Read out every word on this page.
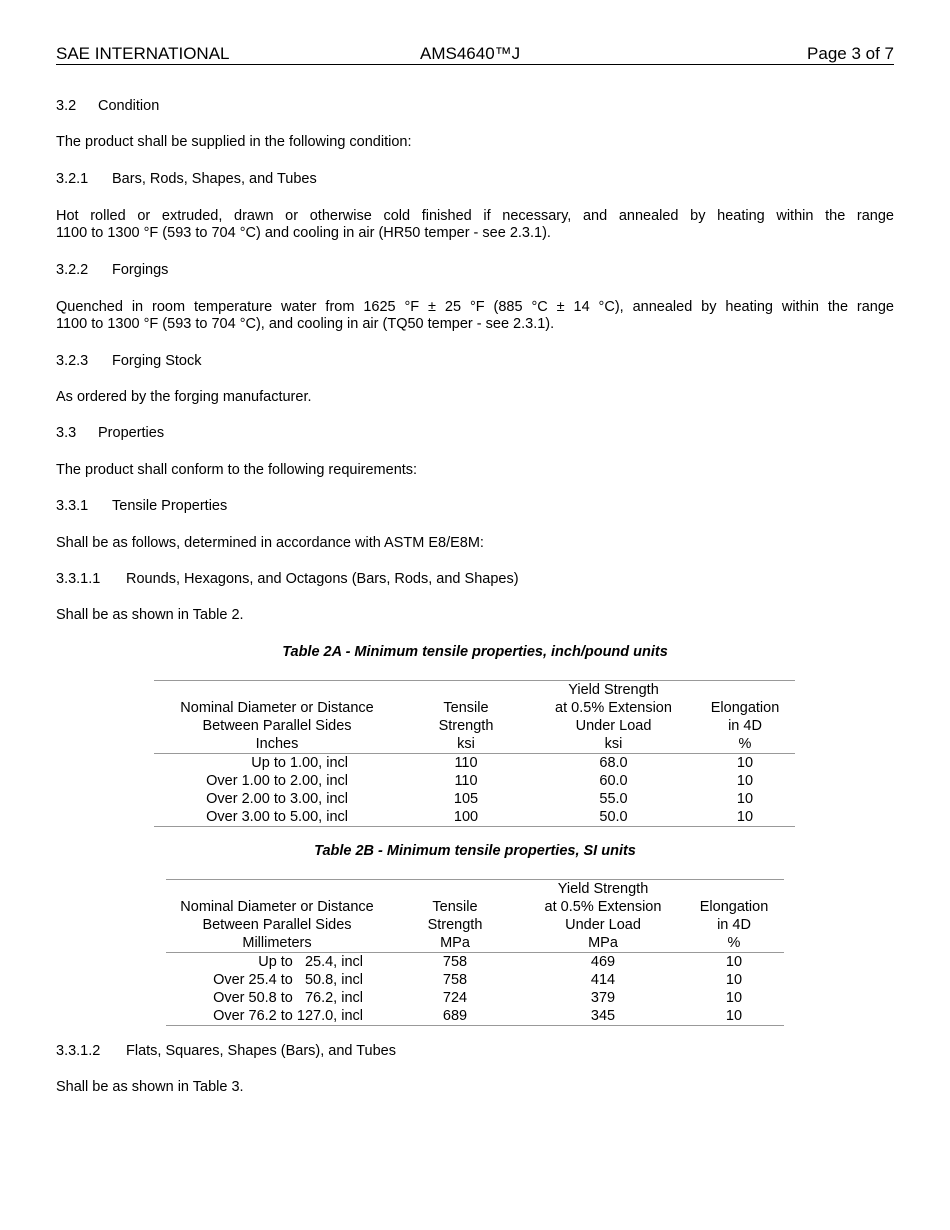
SAE INTERNATIONAL	AMS4640™J	Page 3 of 7
3.2 Condition
The product shall be supplied in the following condition:
3.2.1 Bars, Rods, Shapes, and Tubes
Hot rolled or extruded, drawn or otherwise cold finished if necessary, and annealed by heating within the range
1100 to 1300 °F (593 to 704 °C) and cooling in air (HR50 temper - see 2.3.1).
3.2.2 Forgings
Quenched in room temperature water from 1625 °F ± 25 °F (885 °C ± 14 °C), annealed by heating within the range
1100 to 1300 °F (593 to 704 °C), and cooling in air (TQ50 temper - see 2.3.1).
3.2.3 Forging Stock
As ordered by the forging manufacturer.
3.3 Properties
The product shall conform to the following requirements:
3.3.1 Tensile Properties
Shall be as follows, determined in accordance with ASTM E8/E8M:
3.3.1.1 Rounds, Hexagons, and Octagons (Bars, Rods, and Shapes)
Shall be as shown in Table 2.
Table 2A - Minimum tensile properties, inch/pound units
		Yield Strength	
Nominal Diameter or Distance	Tensile	at 0.5% Extension	Elongation
Between Parallel Sides	Strength	Under Load	in 4D
Inches	ksi	ksi	%
Up to 1.00, incl	110	68.0	10
Over 1.00 to 2.00, incl	110	60.0	10
Over 2.00 to 3.00, incl	105	55.0	10
Over 3.00 to 5.00, incl	100	50.0	10
Table 2B - Minimum tensile properties, SI units
		Yield Strength	
Nominal Diameter or Distance	Tensile	at 0.5% Extension	Elongation
Between Parallel Sides	Strength	Under Load	in 4D
Millimeters	MPa	MPa	%
Up to   25.4, incl	758	469	10
Over 25.4 to   50.8, incl	758	414	10
Over 50.8 to   76.2, incl	724	379	10
Over 76.2 to 127.0, incl	689	345	10
3.3.1.2 Flats, Squares, Shapes (Bars), and Tubes
Shall be as shown in Table 3.
